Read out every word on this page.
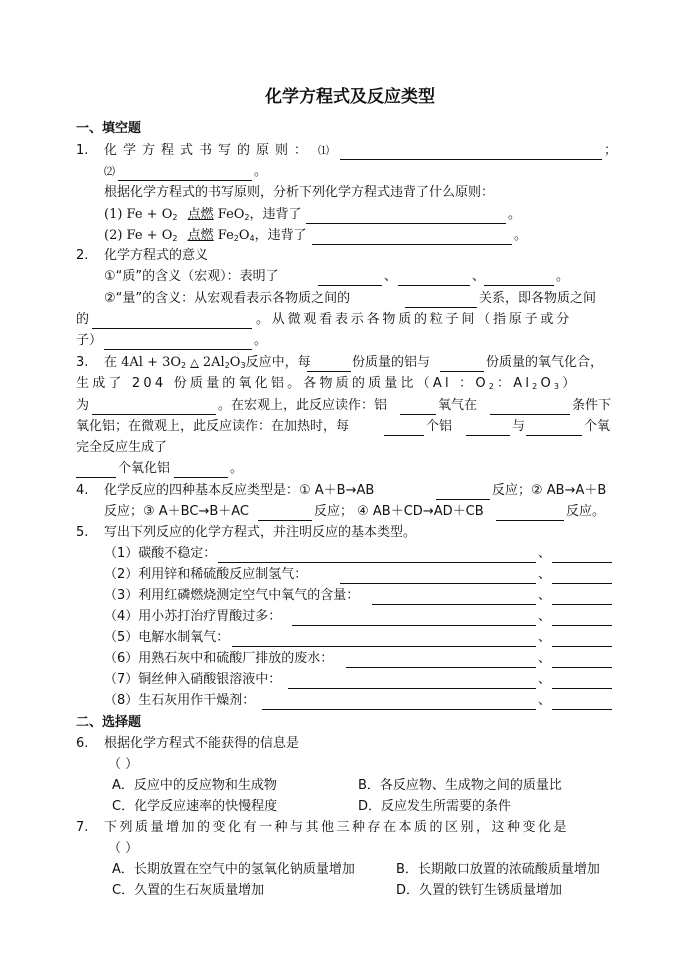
化学方程式及反应类型
一、填空题
1. 化学方程式书写的原则： ⑴	；
⑵	。
根据化学方程式的书写原则，分析下列化学方程式违背了什么原则：
(1) $Fe + O_2$ 点燃 FeO$_2$，违背了	。
(2) $Fe + O_2$ 点燃 $Fe_2O_4$，违背了	。
2. 化学方程式的意义
①“质”的含义（宏观）：表明了	、	、	。
②“量”的含义：从宏观看表示各物质之间的	关系，即各物质之间
的	。从微观看表示各物质的粒子间（指原子或分
子）	。
3. 在 $4Al + 3O_2$ △ $2Al_2O_3$反应中，每	份质量的铝与	份质量的氧气化合，
生成了 204 份质量的氧化铝。各物质的质量比（Al ：$O_2$：$Al_2O_3$）
为	。在宏观上，此反应读作：铝	氧气在	条件下
氧化铝；在微观上，此反应读作：在加热时，每	个铝	与	个氧
完全反应生成了
个氧化铝	。
4. 化学反应的四种基本反应类型是：① A＋B→AB	反应；② AB→A＋B
反应；③ A＋BC→B＋AC	反应； ④ AB＋CD→AD＋CB	反应。
5. 写出下列反应的化学方程式，并注明反应的基本类型。
（1）碳酸不稳定：	、
（2）利用锌和稀硫酸反应制氢气：	、
（3）利用红磷燃烧测定空气中氧气的含量：	、
（4）用小苏打治疗胃酸过多：	、
（5）电解水制氧气：	、
（6）用熟石灰中和硫酸厂排放的废水：	、
（7）铜丝伸入硝酸银溶液中：	、
（8）生石灰用作干燥剂：	、
二、选择题
6. 根据化学方程式不能获得的信息是
（ ）
A．反应中的反应物和生成物	B．各反应物、生成物之间的质量比
C．化学反应速率的快慢程度	D．反应发生所需要的条件
7. 下列质量增加的变化有一种与其他三种存在本质的区别，这种变化是
（ ）
A．长期放置在空气中的氢氧化钠质量增加	B．长期敞口放置的浓硫酸质量增加
C．久置的生石灰质量增加	D．久置的铁钉生锈质量增加
